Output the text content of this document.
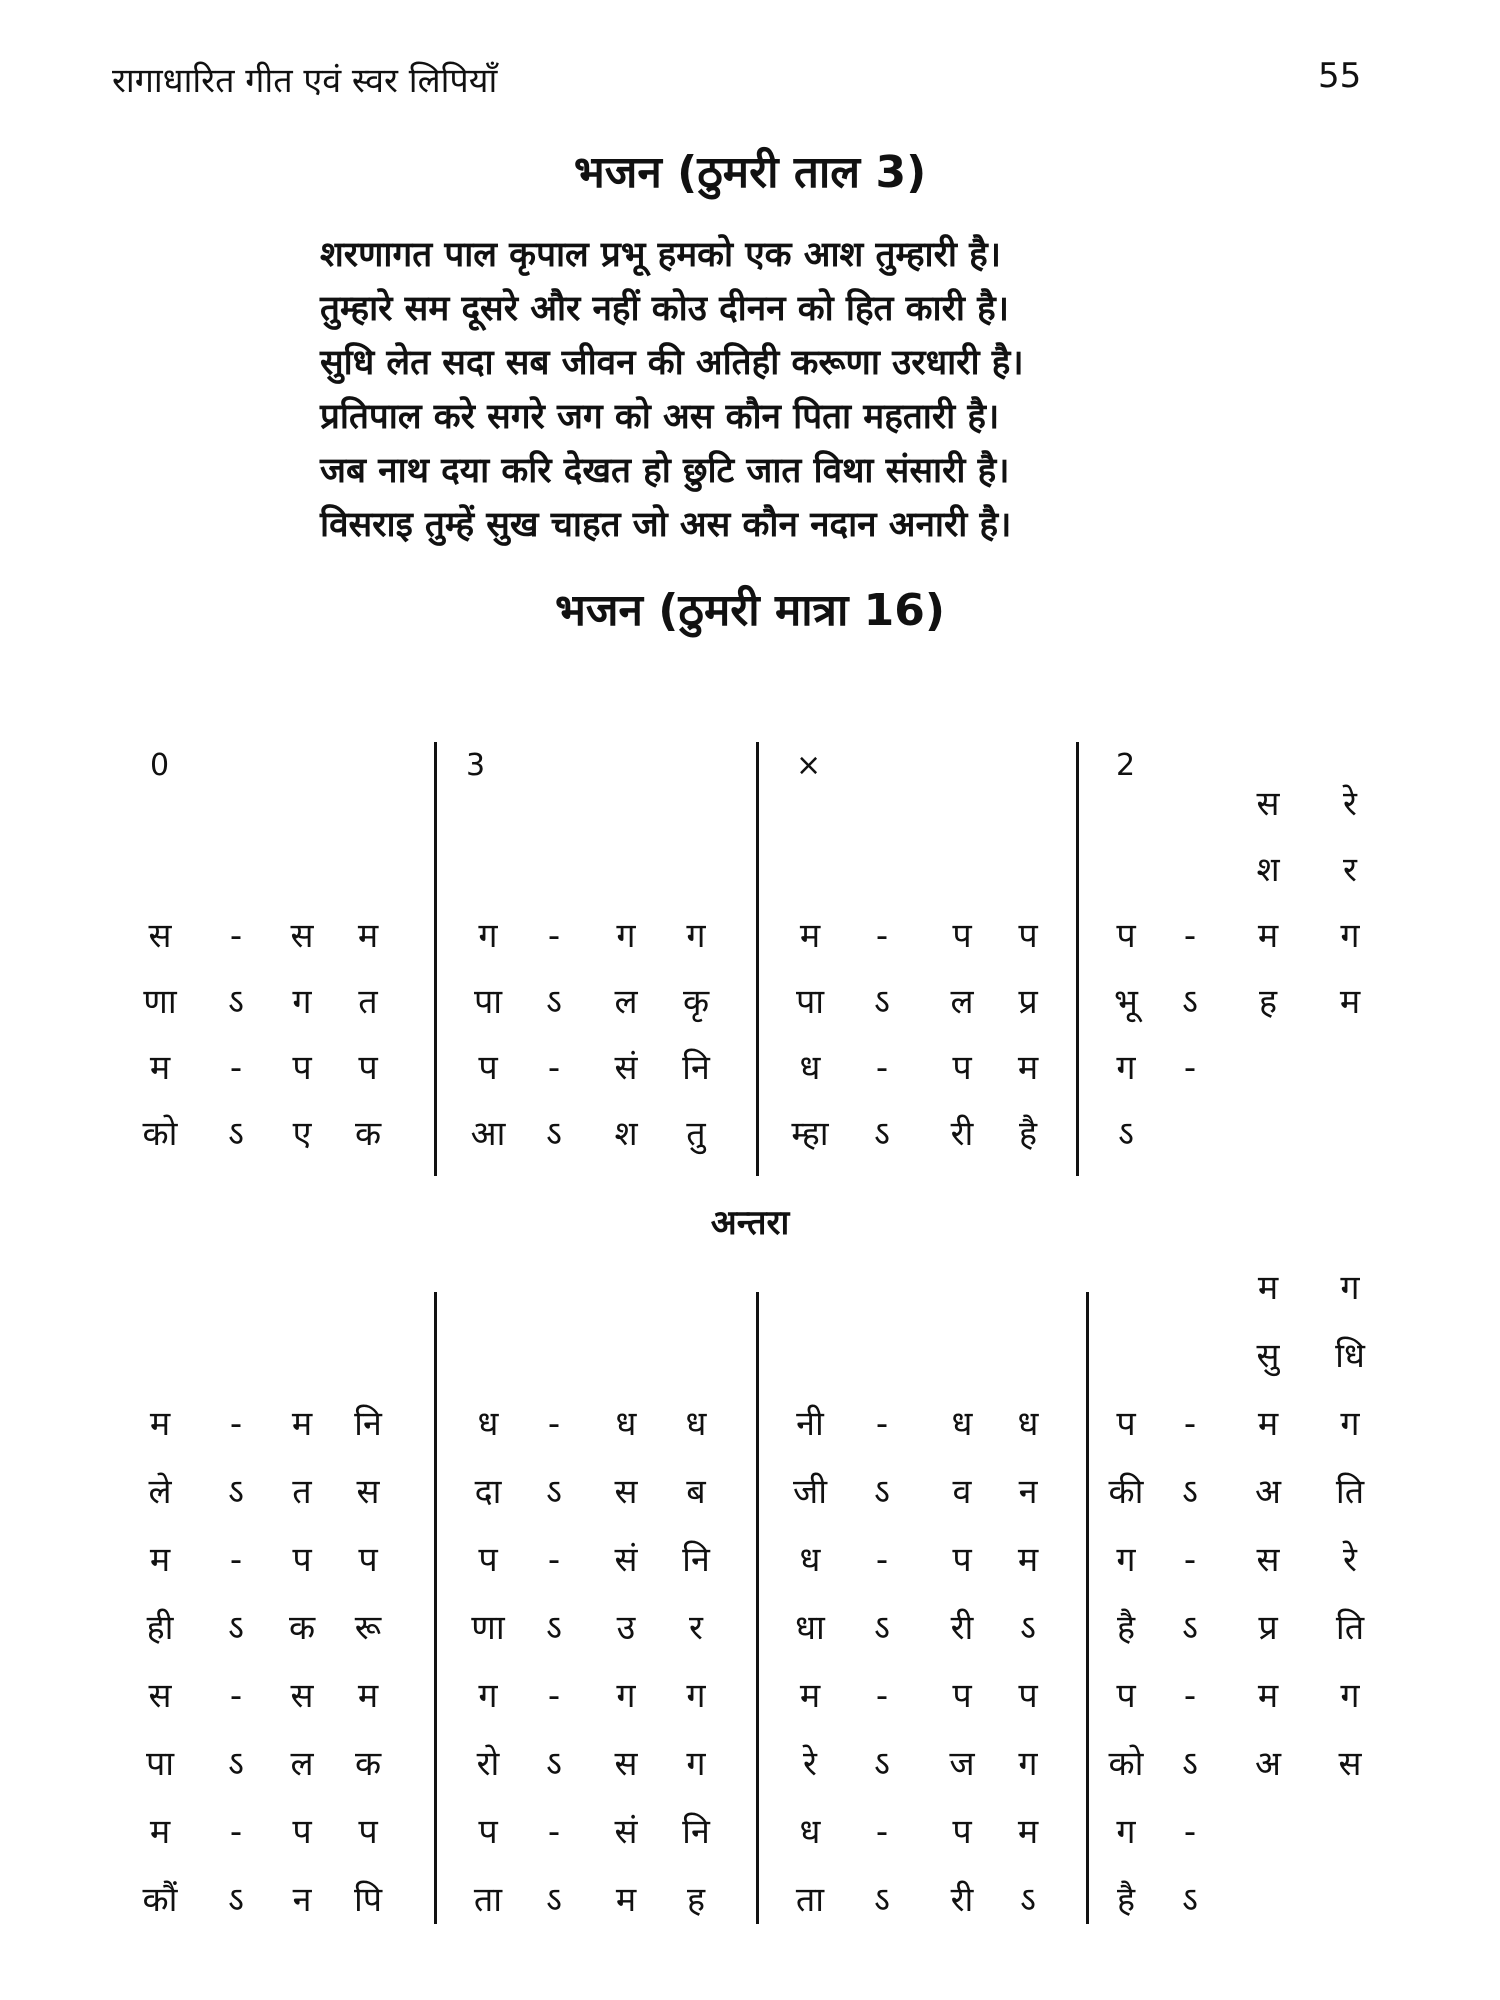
रागाधारित गीत एवं स्वर लिपियाँ	55
भजन (ठुमरी ताल 3)
शरणागत पाल कृपाल प्रभू हमको एक आश तुम्हारी है।
तुम्हारे सम दूसरे और नहीं कोउ दीनन को हित कारी है।
सुधि लेत सदा सब जीवन की अतिही करूणा उरधारी है।
प्रतिपाल करे सगरे जग को अस कौन पिता महतारी है।
जब नाथ दया करि देखत हो छुटि जात विथा संसारी है।
विसराइ तुम्हें सुख चाहत जो अस कौन नदान अनारी है।
भजन (ठुमरी मात्रा 16)
0	3	×	2
अन्तरा
स	रे
श	र
स	-	स	म	ग	-	ग	ग	म	-	प	प	प	-	म	ग
णा	ऽ	ग	त	पा	ऽ	ल	कृ	पा	ऽ	ल	प्र	भू	ऽ	ह	म
म	-	प	प	प	-	सं	नि	ध	-	प	म	ग	-
को	ऽ	ए	क	आ	ऽ	श	तु	म्हा	ऽ	री	है	ऽ
म	ग
सु	धि
म	-	म	नि	ध	-	ध	ध	नी	-	ध	ध	प	-	म	ग
ले	ऽ	त	स	दा	ऽ	स	ब	जी	ऽ	व	न	की	ऽ	अ	ति
म	-	प	प	प	-	सं	नि	ध	-	प	म	ग	-	स	रे
ही	ऽ	क	रू	णा	ऽ	उ	र	धा	ऽ	री	ऽ	है	ऽ	प्र	ति
स	-	स	म	ग	-	ग	ग	म	-	प	प	प	-	म	ग
पा	ऽ	ल	क	रो	ऽ	स	ग	रे	ऽ	ज	ग	को	ऽ	अ	स
म	-	प	प	प	-	सं	नि	ध	-	प	म	ग	-
कौं	ऽ	न	पि	ता	ऽ	म	ह	ता	ऽ	री	ऽ	है	ऽ
